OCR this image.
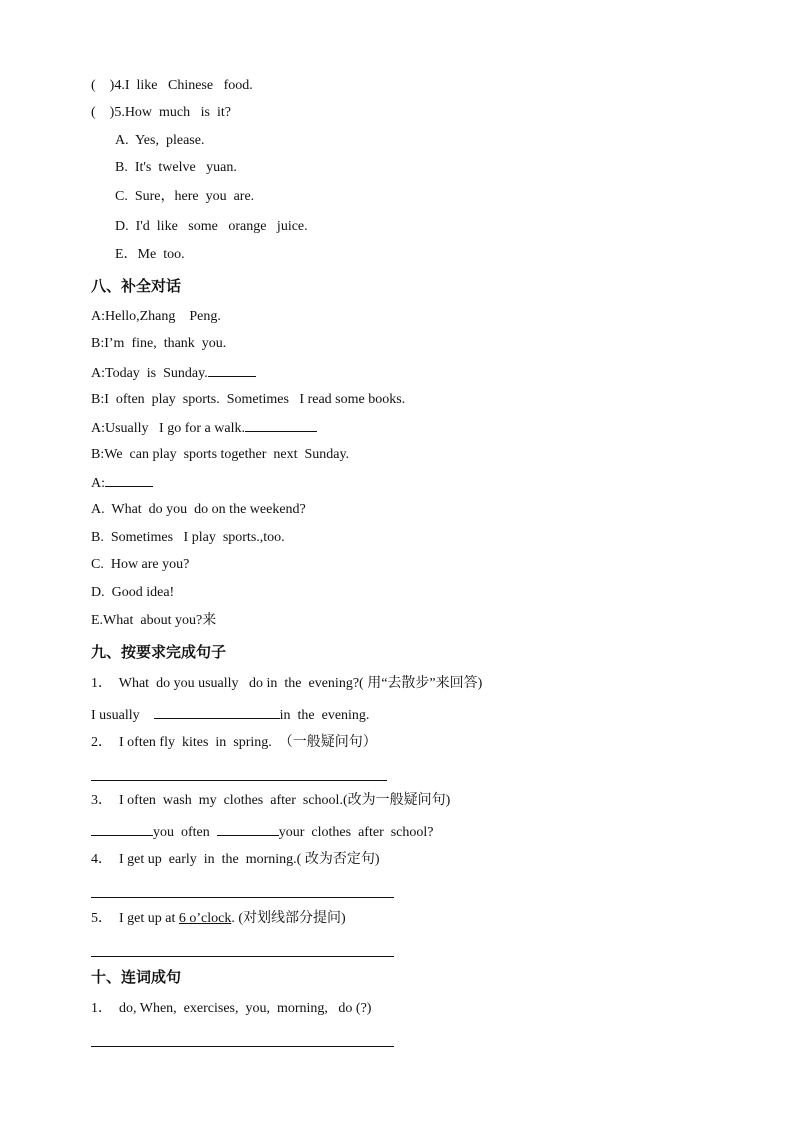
(    )4.I  like   Chinese   food.
(    )5.How  much   is  it?
A.  Yes,  please.
B.  It's  twelve   yuan.
C.  Sure，here  you  are.
D.  I'd  like   some   orange   juice.
E．Me  too.
八、补全对话
A:Hello,Zhang    Peng.
B:I’m  fine,  thank  you.
A:Today  is  Sunday.
B:I  often  play  sports.  Sometimes   I read some books.
A:Usually   I go for a walk.
B:We  can play  sports together  next  Sunday.
A:
A.  What  do you  do on the weekend?
B.  Sometimes   I play  sports.,too.
C.  How are you?
D.  Good idea!
E.What  about you?来
九、按要求完成句子
1．  What  do you usually   do in  the  evening?( 用“去散步”来回答)
I usually	in  the  evening.
2．  I often fly  kites  in  spring.  （一般疑问句）
3．  I often  wash  my  clothes  after  school.(改为一般疑问句)
you  often	your  clothes  after  school?
4．  I get up  early  in  the  morning.( 改为否定句)
5．  I get up at 6 o’clock. (对划线部分提问)
十、连词成句
1．  do, When,  exercises,  you,  morning,   do (?)
